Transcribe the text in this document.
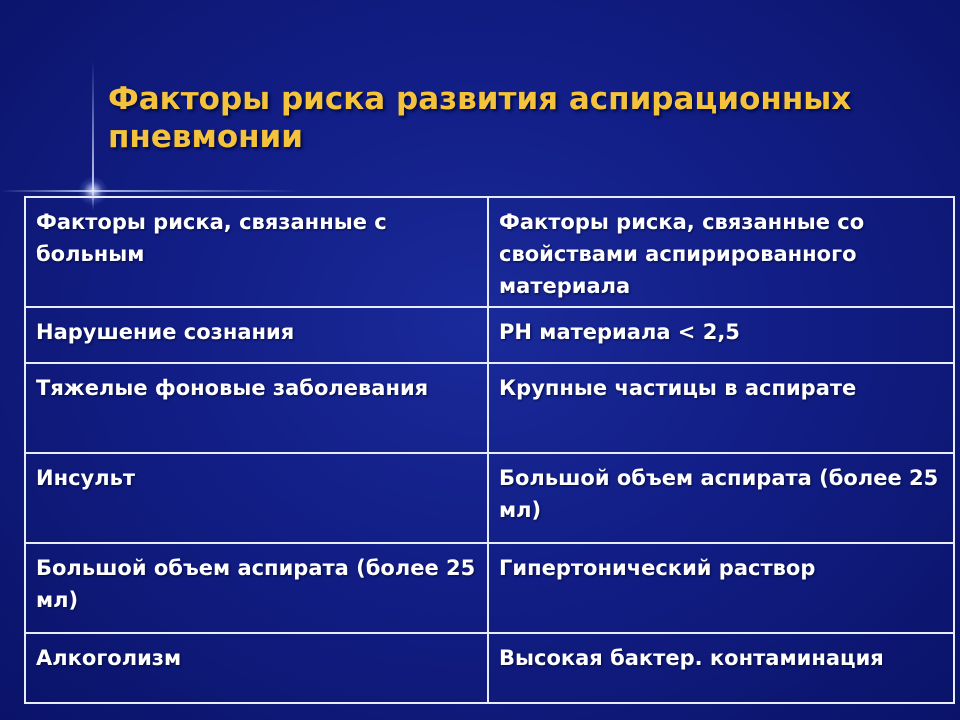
Факторы риска развития аспирационных пневмонии
Факторы риска, связанные с больным	Факторы риска, связанные со свойствами аспирированного материала
Нарушение сознания	PH материала < 2,5
Тяжелые фоновые заболевания	Крупные частицы в аспирате
Инсульт	Большой объем аспирата (более 25 мл)
Большой объем аспирата (более 25 мл)	Гипертонический раствор
Алкоголизм	Высокая бактер. контаминация
